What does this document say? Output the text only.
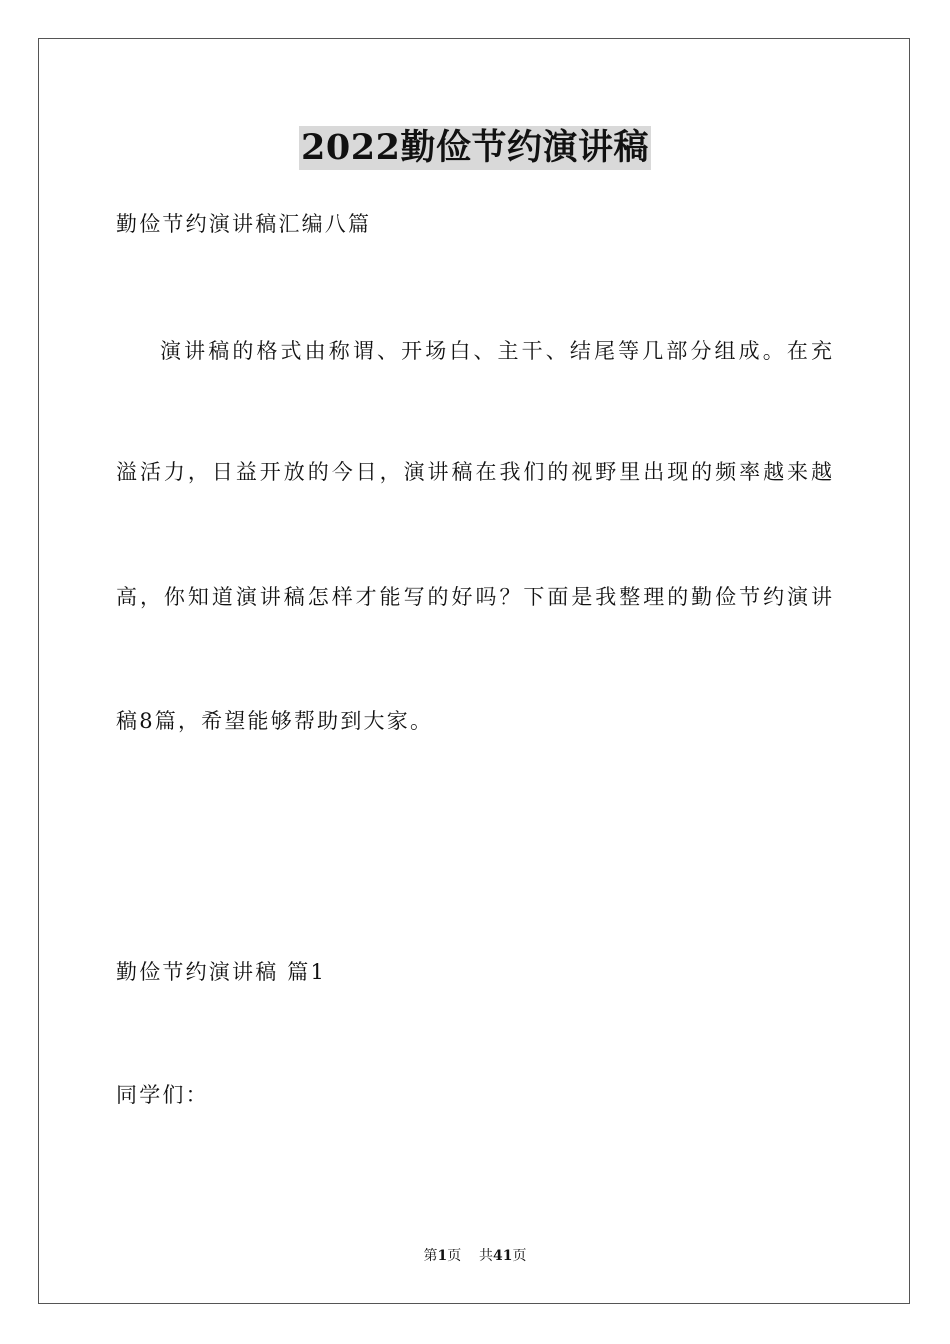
2022勤俭节约演讲稿

勤俭节约演讲稿汇编八篇

演讲稿的格式由称谓、开场白、主干、结尾等几部分组成。在充

溢活力，日益开放的今日，演讲稿在我们的视野里出现的频率越来越

高，你知道演讲稿怎样才能写的好吗？下面是我整理的勤俭节约演讲

稿8篇，希望能够帮助到大家。

勤俭节约演讲稿 篇1

同学们：

第1页 共41页
